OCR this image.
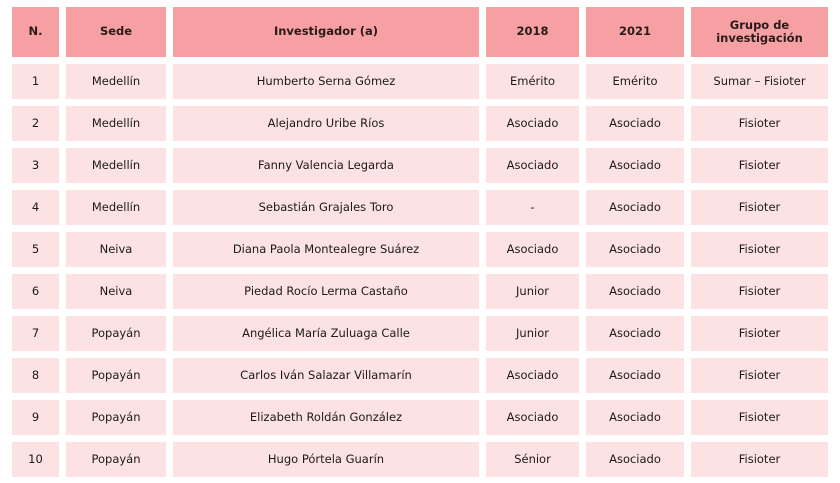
N.	Sede	Investigador (a)	2018	2021	Grupo de investigación
1	Medellín	Humberto Serna Gómez	Emérito	Emérito	Sumar – Fisioter
2	Medellín	Alejandro Uribe Ríos	Asociado	Asociado	Fisioter
3	Medellín	Fanny Valencia Legarda	Asociado	Asociado	Fisioter
4	Medellín	Sebastián Grajales Toro	-	Asociado	Fisioter
5	Neiva	Diana Paola Montealegre Suárez	Asociado	Asociado	Fisioter
6	Neiva	Piedad Rocío Lerma Castaño	Junior	Asociado	Fisioter
7	Popayán	Angélica María Zuluaga Calle	Junior	Asociado	Fisioter
8	Popayán	Carlos Iván Salazar Villamarín	Asociado	Asociado	Fisioter
9	Popayán	Elizabeth Roldán González	Asociado	Asociado	Fisioter
10	Popayán	Hugo Pórtela Guarín	Sénior	Asociado	Fisioter
